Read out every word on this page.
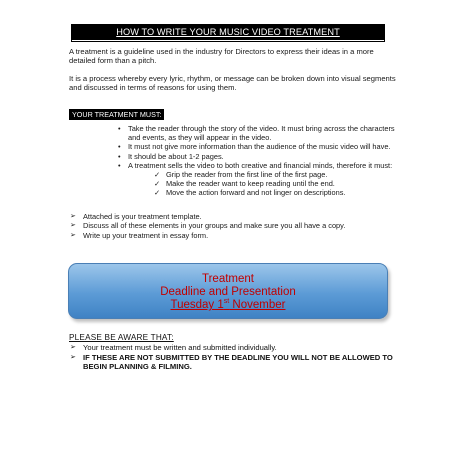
HOW TO WRITE YOUR MUSIC VIDEO TREATMENT
A treatment is a guideline used in the industry for Directors to express their ideas in a more detailed form than a pitch.
It is a process whereby every lyric, rhythm, or message can be broken down into visual segments and discussed in terms of reasons for using them.
YOUR TREATMENT MUST:
• Take the reader through the story of the video. It must bring across the characters and events, as they will appear in the video.
• It must not give more information than the audience of the music video will have.
• It should be about 1-2 pages.
• A treatment sells the video to both creative and financial minds, therefore it must:
✓ Grip the reader from the first line of the first page.
✓ Make the reader want to keep reading until the end.
✓ Move the action forward and not linger on descriptions.
➢ Attached is your treatment template.
➢ Discuss all of these elements in your groups and make sure you all have a copy.
➢ Write up your treatment in essay form.
Treatment
Deadline and Presentation
Tuesday 1st November
PLEASE BE AWARE THAT:
➢ Your treatment must be written and submitted individually.
➢ IF THESE ARE NOT SUBMITTED BY THE DEADLINE YOU WILL NOT BE ALLOWED TO BEGIN PLANNING & FILMING.
